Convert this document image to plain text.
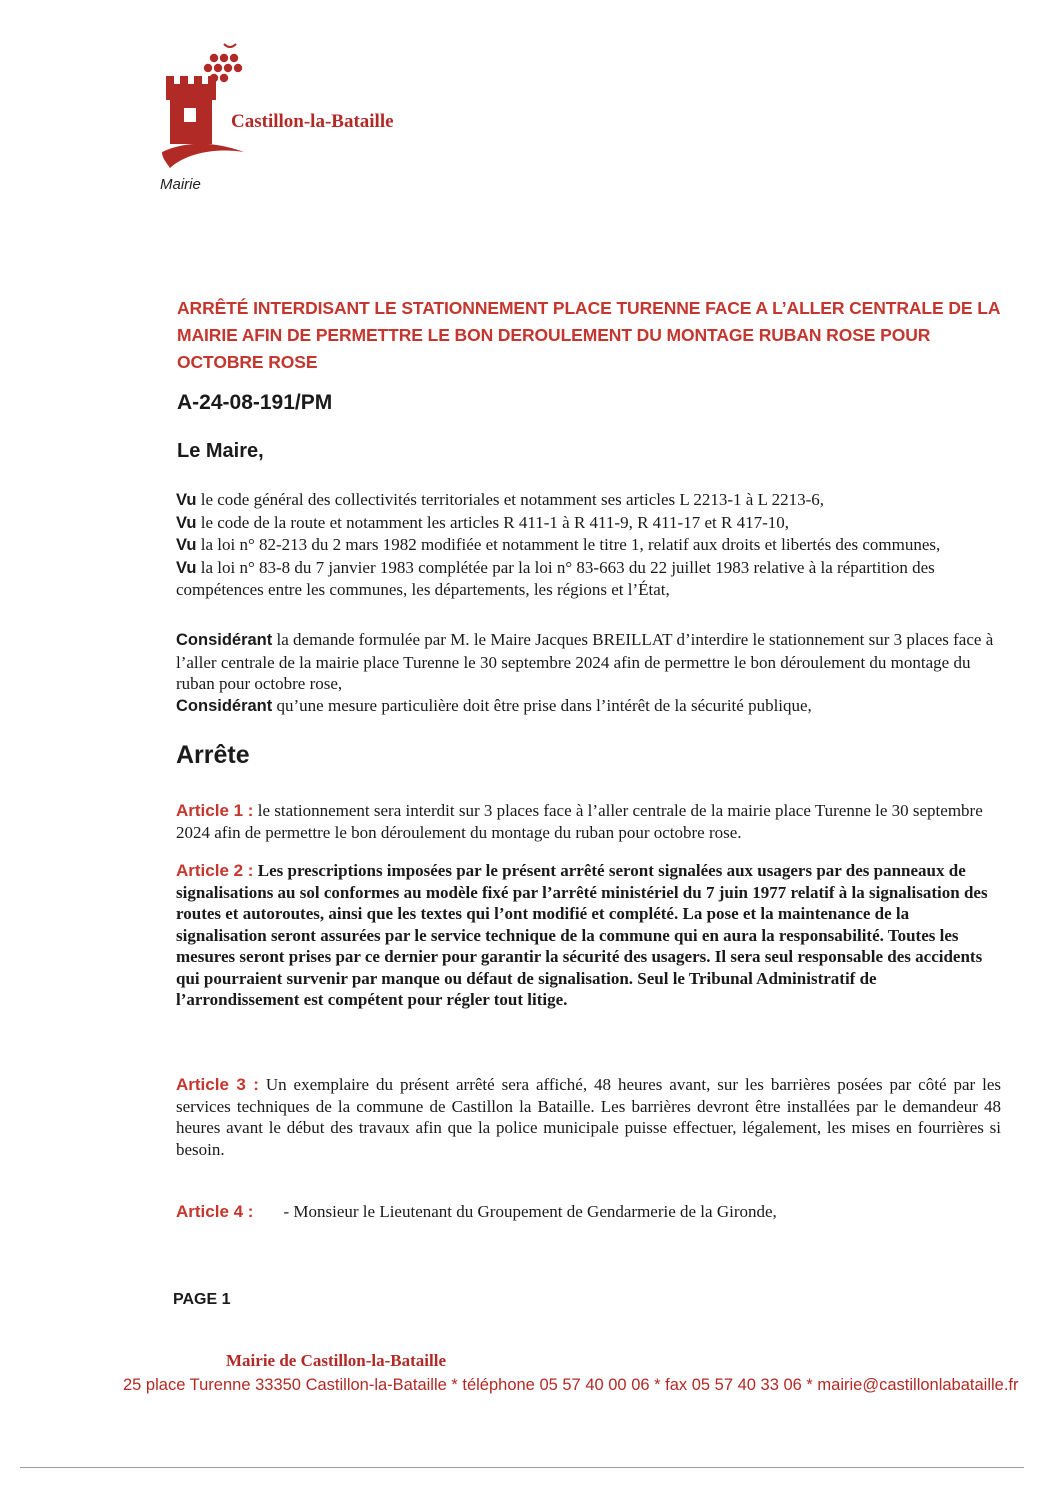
Castillon-la-Bataille
Mairie
ARRÊTÉ INTERDISANT LE STATIONNEMENT PLACE TURENNE FACE A L’ALLER CENTRALE DE LA MAIRIE AFIN DE PERMETTRE LE BON DEROULEMENT DU MONTAGE RUBAN ROSE POUR OCTOBRE ROSE
A-24-08-191/PM
Le Maire,
Vu le code général des collectivités territoriales et notamment ses articles L 2213-1 à L 2213-6,
Vu le code de la route et notamment les articles R 411-1 à R 411-9, R 411-17 et R 417-10,
Vu la loi n° 82-213 du 2 mars 1982 modifiée et notamment le titre 1, relatif aux droits et libertés des communes,
Vu la loi n° 83-8 du 7 janvier 1983 complétée par la loi n° 83-663 du 22 juillet 1983 relative à la répartition des compétences entre les communes, les départements, les régions et l’État,
Considérant la demande formulée par M. le Maire Jacques BREILLAT d’interdire le stationnement sur 3 places face à l’aller centrale de la mairie place Turenne le 30 septembre 2024 afin de permettre le bon déroulement du montage du ruban pour octobre rose,
Considérant qu’une mesure particulière doit être prise dans l’intérêt de la sécurité publique,
Arrête
Article 1 : le stationnement sera interdit sur 3 places face à l’aller centrale de la mairie place Turenne le 30 septembre 2024 afin de permettre le bon déroulement du montage du ruban pour octobre rose.
Article 2 : Les prescriptions imposées par le présent arrêté seront signalées aux usagers par des panneaux de signalisations au sol conformes au modèle fixé par l’arrêté ministériel du 7 juin 1977 relatif à la signalisation des routes et autoroutes, ainsi que les textes qui l’ont modifié et complété. La pose et la maintenance de la signalisation seront assurées par le service technique de la commune qui en aura la responsabilité. Toutes les mesures seront prises par ce dernier pour garantir la sécurité des usagers. Il sera seul responsable des accidents qui pourraient survenir par manque ou défaut de signalisation. Seul le Tribunal Administratif de l’arrondissement est compétent pour régler tout litige.
Article 3 : Un exemplaire du présent arrêté sera affiché, 48 heures avant, sur les barrières posées par côté par les services techniques de la commune de Castillon la Bataille. Les barrières devront être installées par le demandeur 48 heures avant le début des travaux afin que la police municipale puisse effectuer, légalement, les mises en fourrières si besoin.
Article 4 : - Monsieur le Lieutenant du Groupement de Gendarmerie de la Gironde,
PAGE 1
Mairie de Castillon-la-Bataille
25 place Turenne 33350 Castillon-la-Bataille * téléphone 05 57 40 00 06 * fax 05 57 40 33 06 * mairie@castillonlabataille.fr
